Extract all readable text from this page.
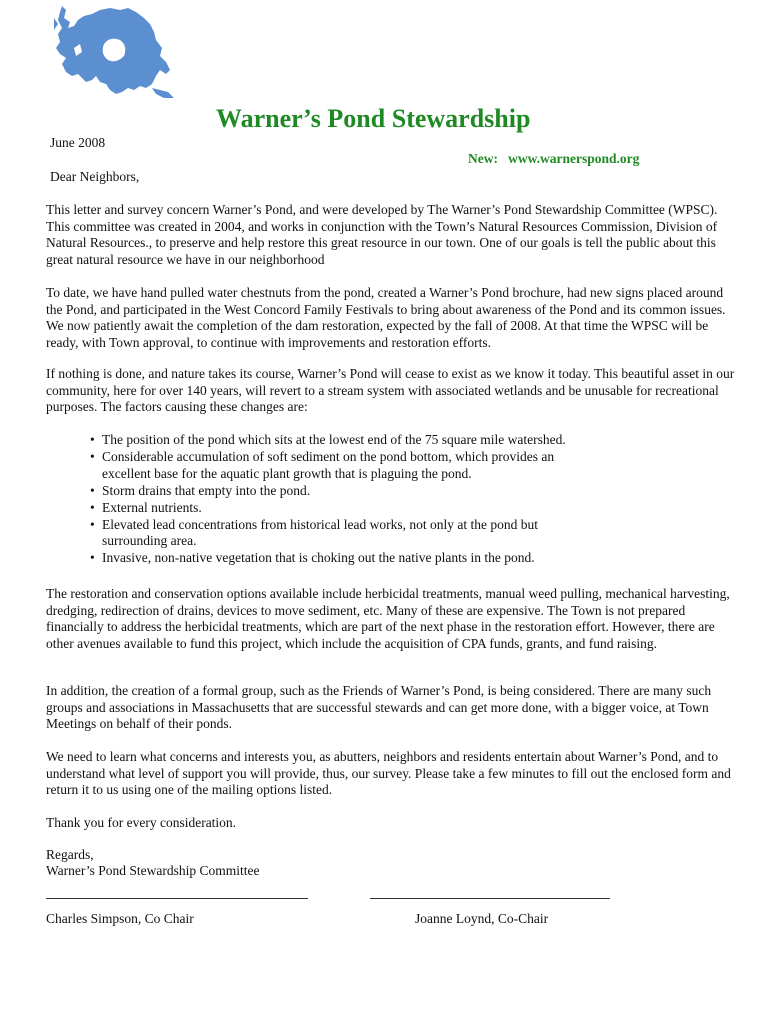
Warner’s Pond Stewardship
June 2008
New:   www.warnerspond.org
Dear Neighbors,

This letter and survey concern Warner’s Pond, and were developed by The Warner’s Pond Stewardship Committee (WPSC). This committee was created in 2004, and works in conjunction with the Town’s Natural Resources Commission, Division of Natural Resources., to preserve and help restore this great resource in our town. One of our goals is tell the public about this great natural resource we have in our neighborhood

To date, we have hand pulled water chestnuts from the pond, created a Warner’s Pond brochure, had new signs placed around the Pond, and participated in the West Concord Family Festivals to bring about awareness of the Pond and its common issues. We now patiently await the completion of the dam restoration, expected by the fall of 2008. At that time the WPSC will be ready, with Town approval, to continue with improvements and restoration efforts.

If nothing is done, and nature takes its course, Warner’s Pond will cease to exist as we know it today. This beautiful asset in our community, here for over 140 years, will revert to a stream system with associated wetlands and be unusable for recreational purposes. The factors causing these changes are:

• The position of the pond which sits at the lowest end of the 75 square mile watershed.
• Considerable accumulation of soft sediment on the pond bottom, which provides an excellent base for the aquatic plant growth that is plaguing the pond.
• Storm drains that empty into the pond.
• External nutrients.
• Elevated lead concentrations from historical lead works, not only at the pond but surrounding area.
• Invasive, non-native vegetation that is choking out the native plants in the pond.

The restoration and conservation options available include herbicidal treatments, manual weed pulling, mechanical harvesting, dredging, redirection of drains, devices to move sediment, etc. Many of these are expensive. The Town is not prepared financially to address the herbicidal treatments, which are part of the next phase in the restoration effort. However, there are other avenues available to fund this project, which include the acquisition of CPA funds, grants, and fund raising.

In addition, the creation of a formal group, such as the Friends of Warner’s Pond, is being considered. There are many such groups and associations in Massachusetts that are successful stewards and can get more done, with a bigger voice, at Town Meetings on behalf of their ponds.

We need to learn what concerns and interests you, as abutters, neighbors and residents entertain about Warner’s Pond, and to understand what level of support you will provide, thus, our survey. Please take a few minutes to fill out the enclosed form and return it to us using one of the mailing options listed.

Thank you for every consideration.

Regards,

Warner’s Pond Stewardship Committee

Charles Simpson, Co Chair	Joanne Loynd, Co-Chair
